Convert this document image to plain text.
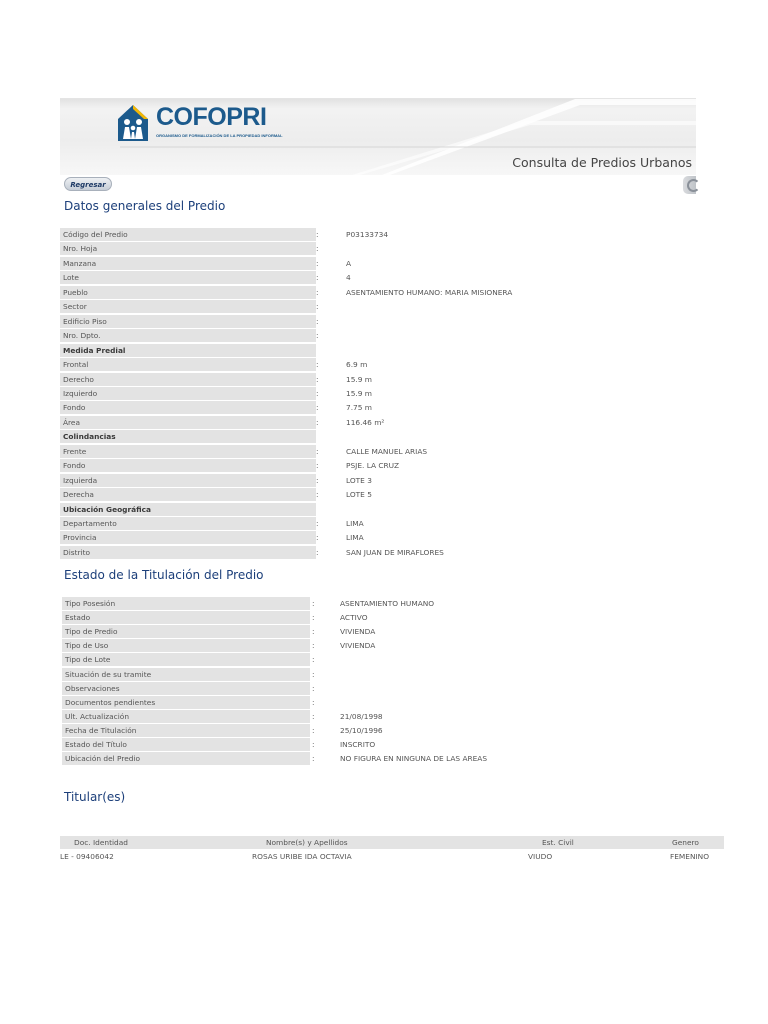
COFOPRI
ORGANISMO DE FORMALIZACIÓN DE LA PROPIEDAD INFORMAL
Consulta de Predios Urbanos
Regresar
Datos generales del Predio
Código del Predio	:	P03133734
Nro. Hoja	:
Manzana	:	A
Lote	:	4
Pueblo	:	ASENTAMIENTO HUMANO: MARIA MISIONERA
Sector	:
Edificio Piso	:
Nro. Dpto.	:
Medida Predial
Frontal	:	6.9 m
Derecho	:	15.9 m
Izquierdo	:	15.9 m
Fondo	:	7.75 m
Área	:	116.46 m²
Colindancias
Frente	:	CALLE MANUEL ARIAS
Fondo	:	PSJE. LA CRUZ
Izquierda	:	LOTE 3
Derecha	:	LOTE 5
Ubicación Geográfica
Departamento	:	LIMA
Provincia	:	LIMA
Distrito	:	SAN JUAN DE MIRAFLORES
Estado de la Titulación del Predio
Tipo Posesión	:	ASENTAMIENTO HUMANO
Estado	:	ACTIVO
Tipo de Predio	:	VIVIENDA
Tipo de Uso	:	VIVIENDA
Tipo de Lote	:
Situación de su tramite	:
Observaciones	:
Documentos pendientes	:
Ult. Actualización	:	21/08/1998
Fecha de Titulación	:	25/10/1996
Estado del Título	:	INSCRITO
Ubicación del Predio	:	NO FIGURA EN NINGUNA DE LAS AREAS
Titular(es)
Doc. Identidad	Nombre(s) y Apellidos	Est. Civil	Genero
LE - 09406042	ROSAS URIBE IDA OCTAVIA	VIUDO	FEMENINO
